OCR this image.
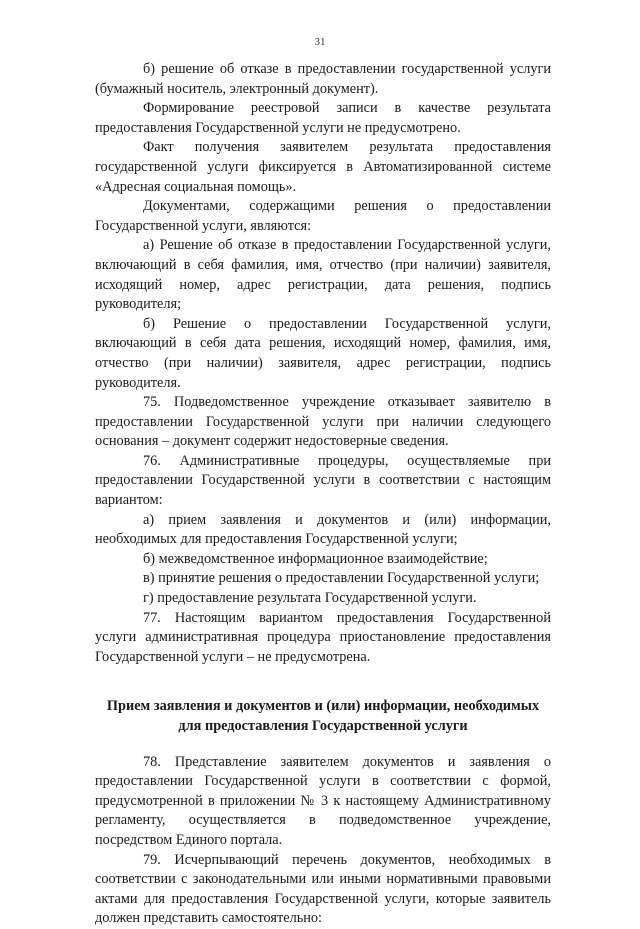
31

б) решение об отказе в предоставлении государственной услуги (бумажный носитель, электронный документ).

Формирование реестровой записи в качестве результата предоставления Государственной услуги не предусмотрено.

Факт получения заявителем результата предоставления государственной услуги фиксируется в Автоматизированной системе «Адресная социальная помощь».

Документами, содержащими решения о предоставлении Государственной услуги, являются:

а) Решение об отказе в предоставлении Государственной услуги, включающий в себя фамилия, имя, отчество (при наличии) заявителя, исходящий номер, адрес регистрации, дата решения, подпись руководителя;

б) Решение о предоставлении Государственной услуги, включающий в себя дата решения, исходящий номер, фамилия, имя, отчество (при наличии) заявителя, адрес регистрации, подпись руководителя.

75. Подведомственное учреждение отказывает заявителю в предоставлении Государственной услуги при наличии следующего основания – документ содержит недостоверные сведения.

76. Административные процедуры, осуществляемые при предоставлении Государственной услуги в соответствии с настоящим вариантом:

а) прием заявления и документов и (или) информации, необходимых для предоставления Государственной услуги;

б) межведомственное информационное взаимодействие;

в) принятие решения о предоставлении Государственной услуги;

г) предоставление результата Государственной услуги.

77. Настоящим вариантом предоставления Государственной услуги административная процедура приостановление предоставления Государственной услуги – не предусмотрена.

Прием заявления и документов и (или) информации, необходимых для предоставления Государственной услуги

78. Представление заявителем документов и заявления о предоставлении Государственной услуги в соответствии с формой, предусмотренной в приложении № 3 к настоящему Административному регламенту, осуществляется в подведомственное учреждение, посредством Единого портала.

79. Исчерпывающий перечень документов, необходимых в соответствии с законодательными или иными нормативными правовыми актами для предоставления Государственной услуги, которые заявитель должен представить самостоятельно:
